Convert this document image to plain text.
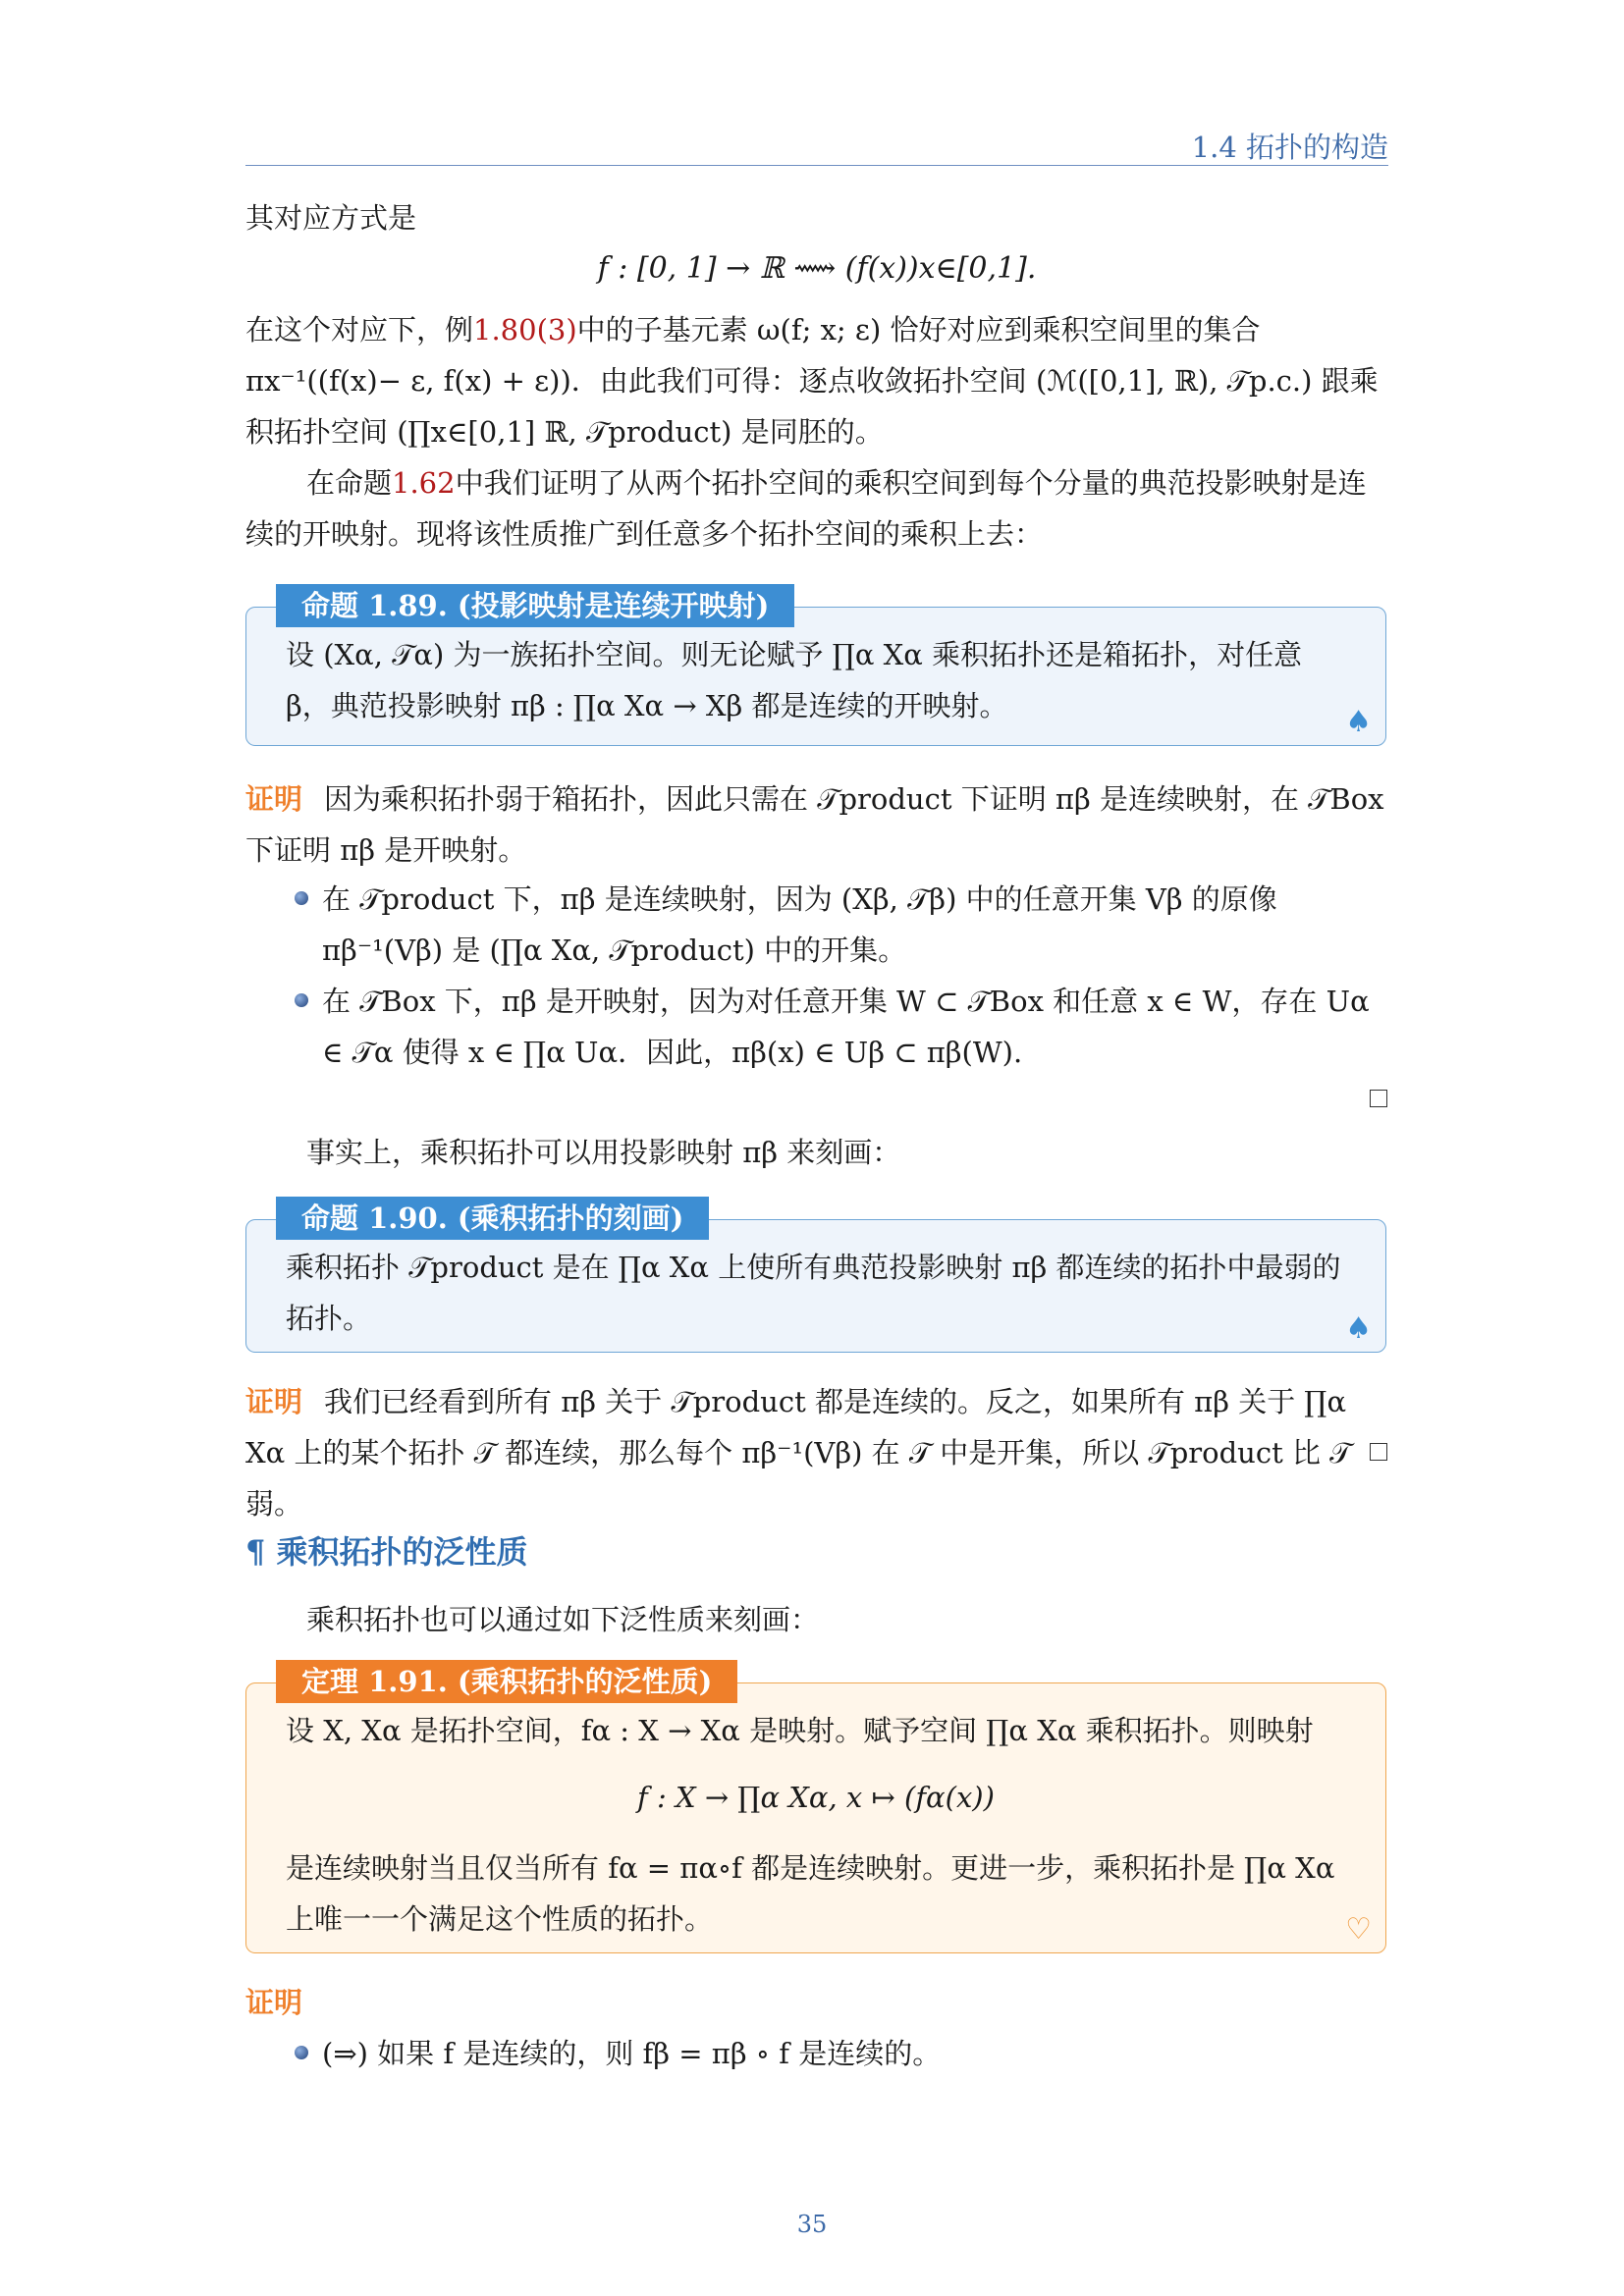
1.4 拓扑的构造

其对应方式是

f : [0, 1] → ℝ ⟿ (f(x))x∈[0,1].

在这个对应下，例1.80(3)中的子基元素 ω(f; x; ε) 恰好对应到乘积空间里的集合 πx⁻¹((f(x)− ε, f(x) + ε))．由此我们可得：逐点收敛拓扑空间 (ℳ([0,1], ℝ), 𝒯p.c.) 跟乘积拓扑空间 (∏x∈[0,1] ℝ, 𝒯product) 是同胚的。

在命题1.62中我们证明了从两个拓扑空间的乘积空间到每个分量的典范投影映射是连续的开映射。现将该性质推广到任意多个拓扑空间的乘积上去：

命题 1.89. (投影映射是连续开映射)
设 (Xα, 𝒯α) 为一族拓扑空间。则无论赋予 ∏α Xα 乘积拓扑还是箱拓扑，对任意 β，典范投影映射 πβ : ∏α Xα → Xβ 都是连续的开映射。	♠

证明 因为乘积拓扑弱于箱拓扑，因此只需在 𝒯product 下证明 πβ 是连续映射，在 𝒯Box 下证明 πβ 是开映射。

在 𝒯product 下，πβ 是连续映射，因为 (Xβ, 𝒯β) 中的任意开集 Vβ 的原像 πβ⁻¹(Vβ) 是 (∏α Xα, 𝒯product) 中的开集。
在 𝒯Box 下，πβ 是开映射，因为对任意开集 W ⊂ 𝒯Box 和任意 x ∈ W，存在 Uα ∈ 𝒯α 使得 x ∈ ∏α Uα．因此，πβ(x) ∈ Uβ ⊂ πβ(W).

事实上，乘积拓扑可以用投影映射 πβ 来刻画：

命题 1.90. (乘积拓扑的刻画)
乘积拓扑 𝒯product 是在 ∏α Xα 上使所有典范投影映射 πβ 都连续的拓扑中最弱的拓扑。	♠

证明 我们已经看到所有 πβ 关于 𝒯product 都是连续的。反之，如果所有 πβ 关于 ∏α Xα 上的某个拓扑 𝒯 都连续，那么每个 πβ⁻¹(Vβ) 在 𝒯 中是开集，所以 𝒯product 比 𝒯 弱。

¶ 乘积拓扑的泛性质

乘积拓扑也可以通过如下泛性质来刻画：

定理 1.91. (乘积拓扑的泛性质)
设 X, Xα 是拓扑空间，fα : X → Xα 是映射。赋予空间 ∏α Xα 乘积拓扑。则映射
f : X → ∏α Xα, x ↦ (fα(x))
是连续映射当且仅当所有 fα = πα∘f 都是连续映射。更进一步，乘积拓扑是 ∏α Xα 上唯一一个满足这个性质的拓扑。	♡

证明

(⇒) 如果 f 是连续的，则 fβ = πβ ∘ f 是连续的。
35
